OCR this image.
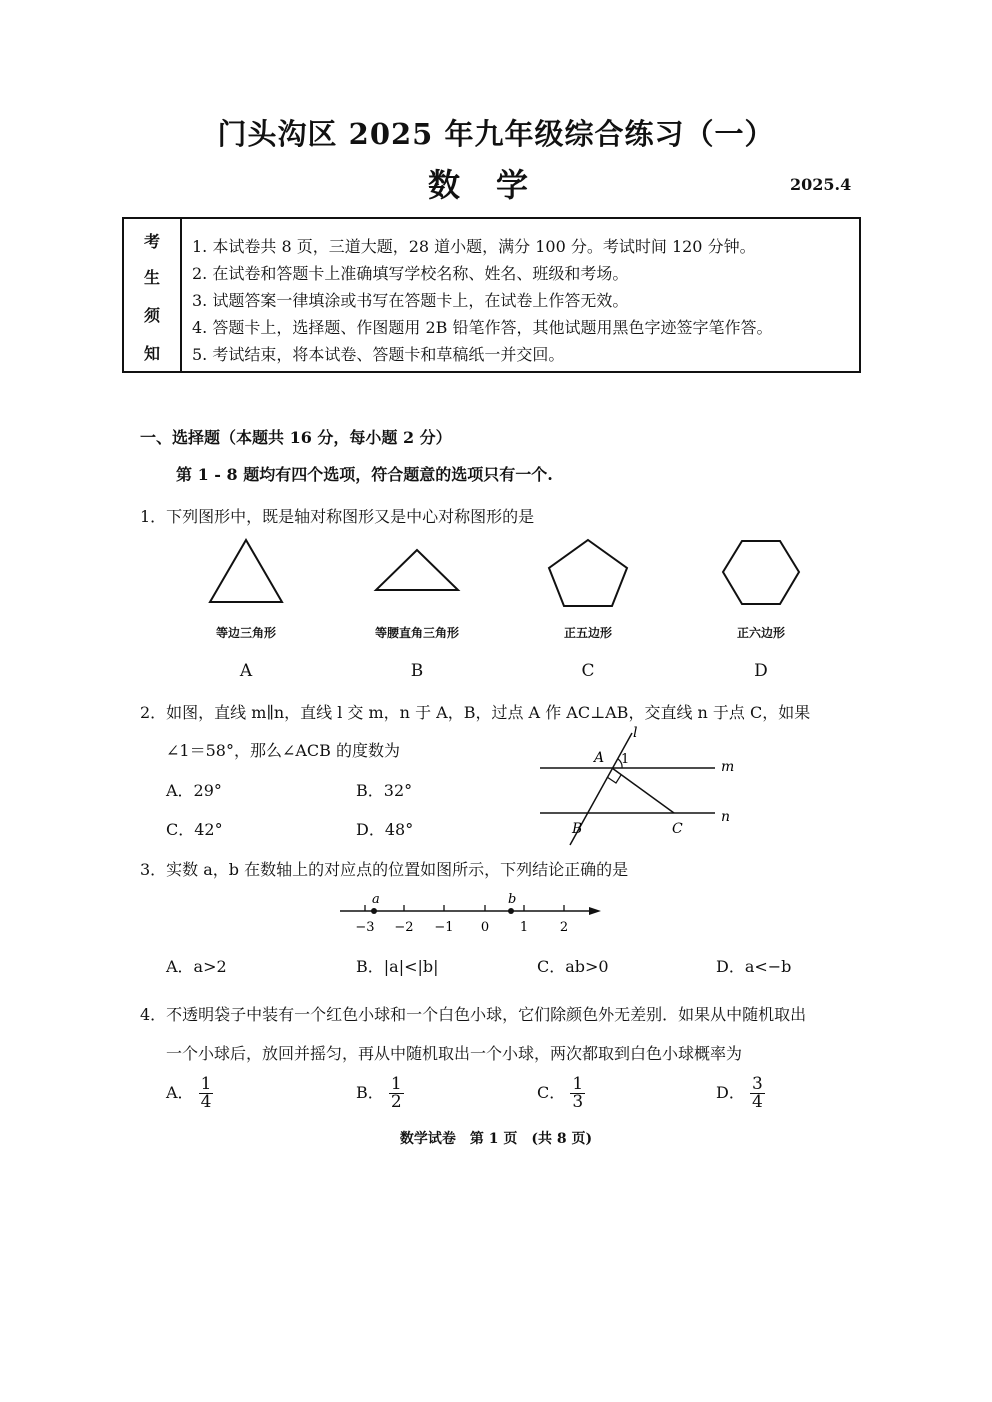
门头沟区 2025 年九年级综合练习（一）
数学	2025.4
考
生
须
知
1. 本试卷共 8 页，三道大题，28 道小题，满分 100 分。考试时间 120 分钟。
2. 在试卷和答题卡上准确填写学校名称、姓名、班级和考场。
3. 试题答案一律填涂或书写在答题卡上，在试卷上作答无效。
4. 答题卡上，选择题、作图题用 2B 铅笔作答，其他试题用黑色字迹签字笔作答。
5. 考试结束，将本试卷、答题卡和草稿纸一并交回。
一、选择题（本题共 16 分，每小题 2 分）
第 1 - 8 题均有四个选项，符合题意的选项只有一个.
1．下列图形中，既是轴对称图形又是中心对称图形的是
等边三角形	等腰直角三角形	正五边形	正六边形
A	B	C	D
2．如图，直线 m∥n，直线 l 交 m，n 于 A，B，过点 A 作 AC⊥AB，交直线 n 于点 C，如果
∠1＝58°，那么∠ACB 的度数为
A．29°	B．32°
C．42°	D．48°
l
m
n
A 1
B	C
3．实数 a，b 在数轴上的对应点的位置如图所示，下列结论正确的是
a	b
−3 −2 −1 0 1 2
A．a>2	B．|a|<|b|	C．ab>0	D．a<−b
4．不透明袋子中装有一个红色小球和一个白色小球，它们除颜色外无差别．如果从中随机取出
一个小球后，放回并摇匀，再从中随机取出一个小球，两次都取到白色小球概率为
A． $\frac{1}{4}$	B． $\frac{1}{2}$	C． $\frac{1}{3}$	D． $\frac{3}{4}$
数学试卷　第 1 页　(共 8 页)
